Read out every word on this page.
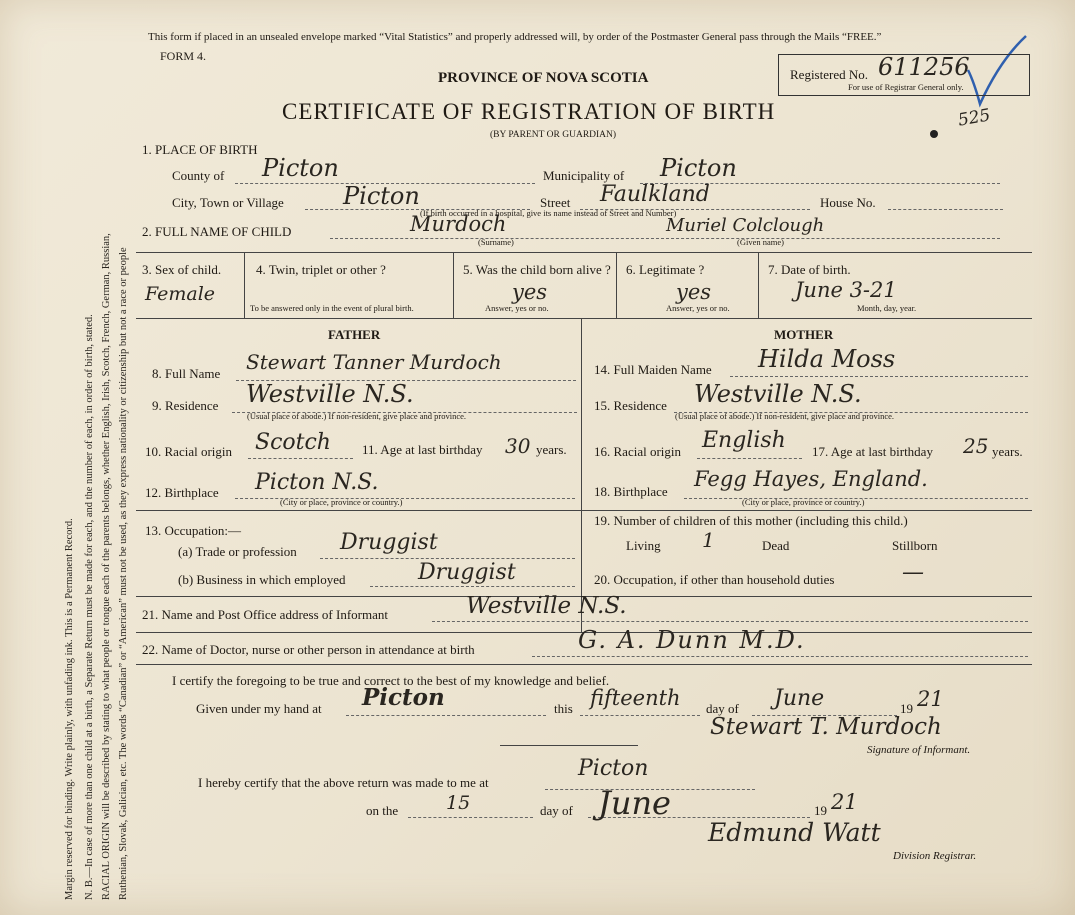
Margin reserved for binding. Write plainly, with unfading ink. This is a Permanent Record. N. B.—In case of more than one child at a birth, a Separate Return must be made for each, and the number of each, in order of birth, stated. RACIAL ORIGIN will be described by stating to what people or tongue each of the parents belongs, whether English, Irish, Scotch, French, German, Russian, Ruthenian, Slovak, Galician, etc. The words “Canadian” or “American” must not be used, as they express nationality or citizenship but not a race or people
This form if placed in an unsealed envelope marked “Vital Statistics” and properly addressed will, by order of the Postmaster General pass through the Mails “FREE.”
FORM 4.
Registered No. 611256
For use of Registrar General only.
525
PROVINCE OF NOVA SCOTIA
CERTIFICATE OF REGISTRATION OF BIRTH
(BY PARENT OR GUARDIAN)
1. PLACE OF BIRTH
County of Picton	Municipality of Picton
City, Town or Village Picton	Street Faulkland	House No.
(If birth occurred in a hospital, give its name instead of Street and Number)
2. FULL NAME OF CHILD	Murdoch
(Surname)
Muriel Colclough
(Given name)
3. Sex of child.
Female
4. Twin, triplet or other ?
To be answered only in the event of plural birth.
5. Was the child born alive ?
yes
Answer, yes or no.
6. Legitimate ?
yes
Answer, yes or no.
7. Date of birth.
June 3-21
Month, day, year.
FATHER	MOTHER
8. Full Name Stewart Tanner Murdoch
9. Residence Westville N.S.
(Usual place of abode.) If non-resident, give place and province.
10. Racial origin Scotch 11. Age at last birthday 30 years.
12. Birthplace Picton N.S.
(City or place, province or country.)
13. Occupation:—
(a) Trade or profession Druggist
(b) Business in which employed	Druggist
14. Full Maiden Name Hilda Moss
15. Residence Westville N.S.
(Usual place of abode.) If non-resident, give place and province.
16. Racial origin English 17. Age at last birthday 25 years.
18. Birthplace
Fegg Hayes, England.
(City or place, province or country.)
19. Number of children of this mother (including this child.)
Living 1	Dead	Stillborn
20. Occupation, if other than household duties	—
21. Name and Post Office address of Informant	Westville N.S.
22. Name of Doctor, nurse or other person in attendance at birth	G. A. Dunn M.D.
I certify the foregoing to be true and correct to the best of my knowledge and belief.
Given under my hand at Picton	this fifteenth day of June	19 21
Stewart T. Murdoch
Signature of Informant.
I hereby certify that the above return was made to me at
Picton
on the	15	day of June	19 21
Edmund Watt
Division Registrar.
